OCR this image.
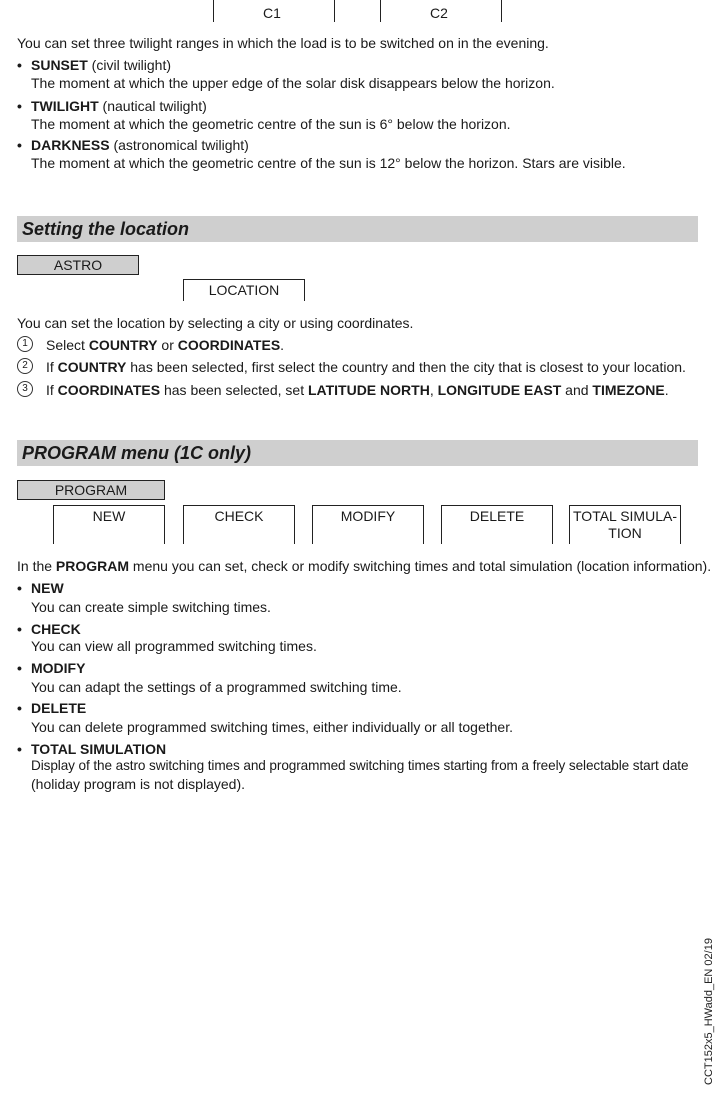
C1	C2
You can set three twilight ranges in which the load is to be switched on in the evening.
• SUNSET (civil twilight)
The moment at which the upper edge of the solar disk disappears below the horizon.
• TWILIGHT (nautical twilight)
The moment at which the geometric centre of the sun is 6° below the horizon.
• DARKNESS (astronomical twilight)
The moment at which the geometric centre of the sun is 12° below the horizon. Stars are visible.
Setting the location
ASTRO
LOCATION
You can set the location by selecting a city or using coordinates.
1	Select COUNTRY or COORDINATES.
2	If COUNTRY has been selected, first select the country and then the city that is closest to your location.
3	If COORDINATES has been selected, set LATITUDE NORTH, LONGITUDE EAST and TIMEZONE.
PROGRAM menu (1C only)
PROGRAM
NEW	CHECK	MODIFY	DELETE	TOTAL SIMULA-
TION
In the PROGRAM menu you can set, check or modify switching times and total simulation (location information).
• NEW
You can create simple switching times.
• CHECK
You can view all programmed switching times.
• MODIFY
You can adapt the settings of a programmed switching time.
• DELETE
You can delete programmed switching times, either individually or all together.
• TOTAL SIMULATION
Display of the astro switching times and programmed switching times starting from a freely selectable start date
(holiday program is not displayed).
CCT152x5_HWadd_EN 02/19
